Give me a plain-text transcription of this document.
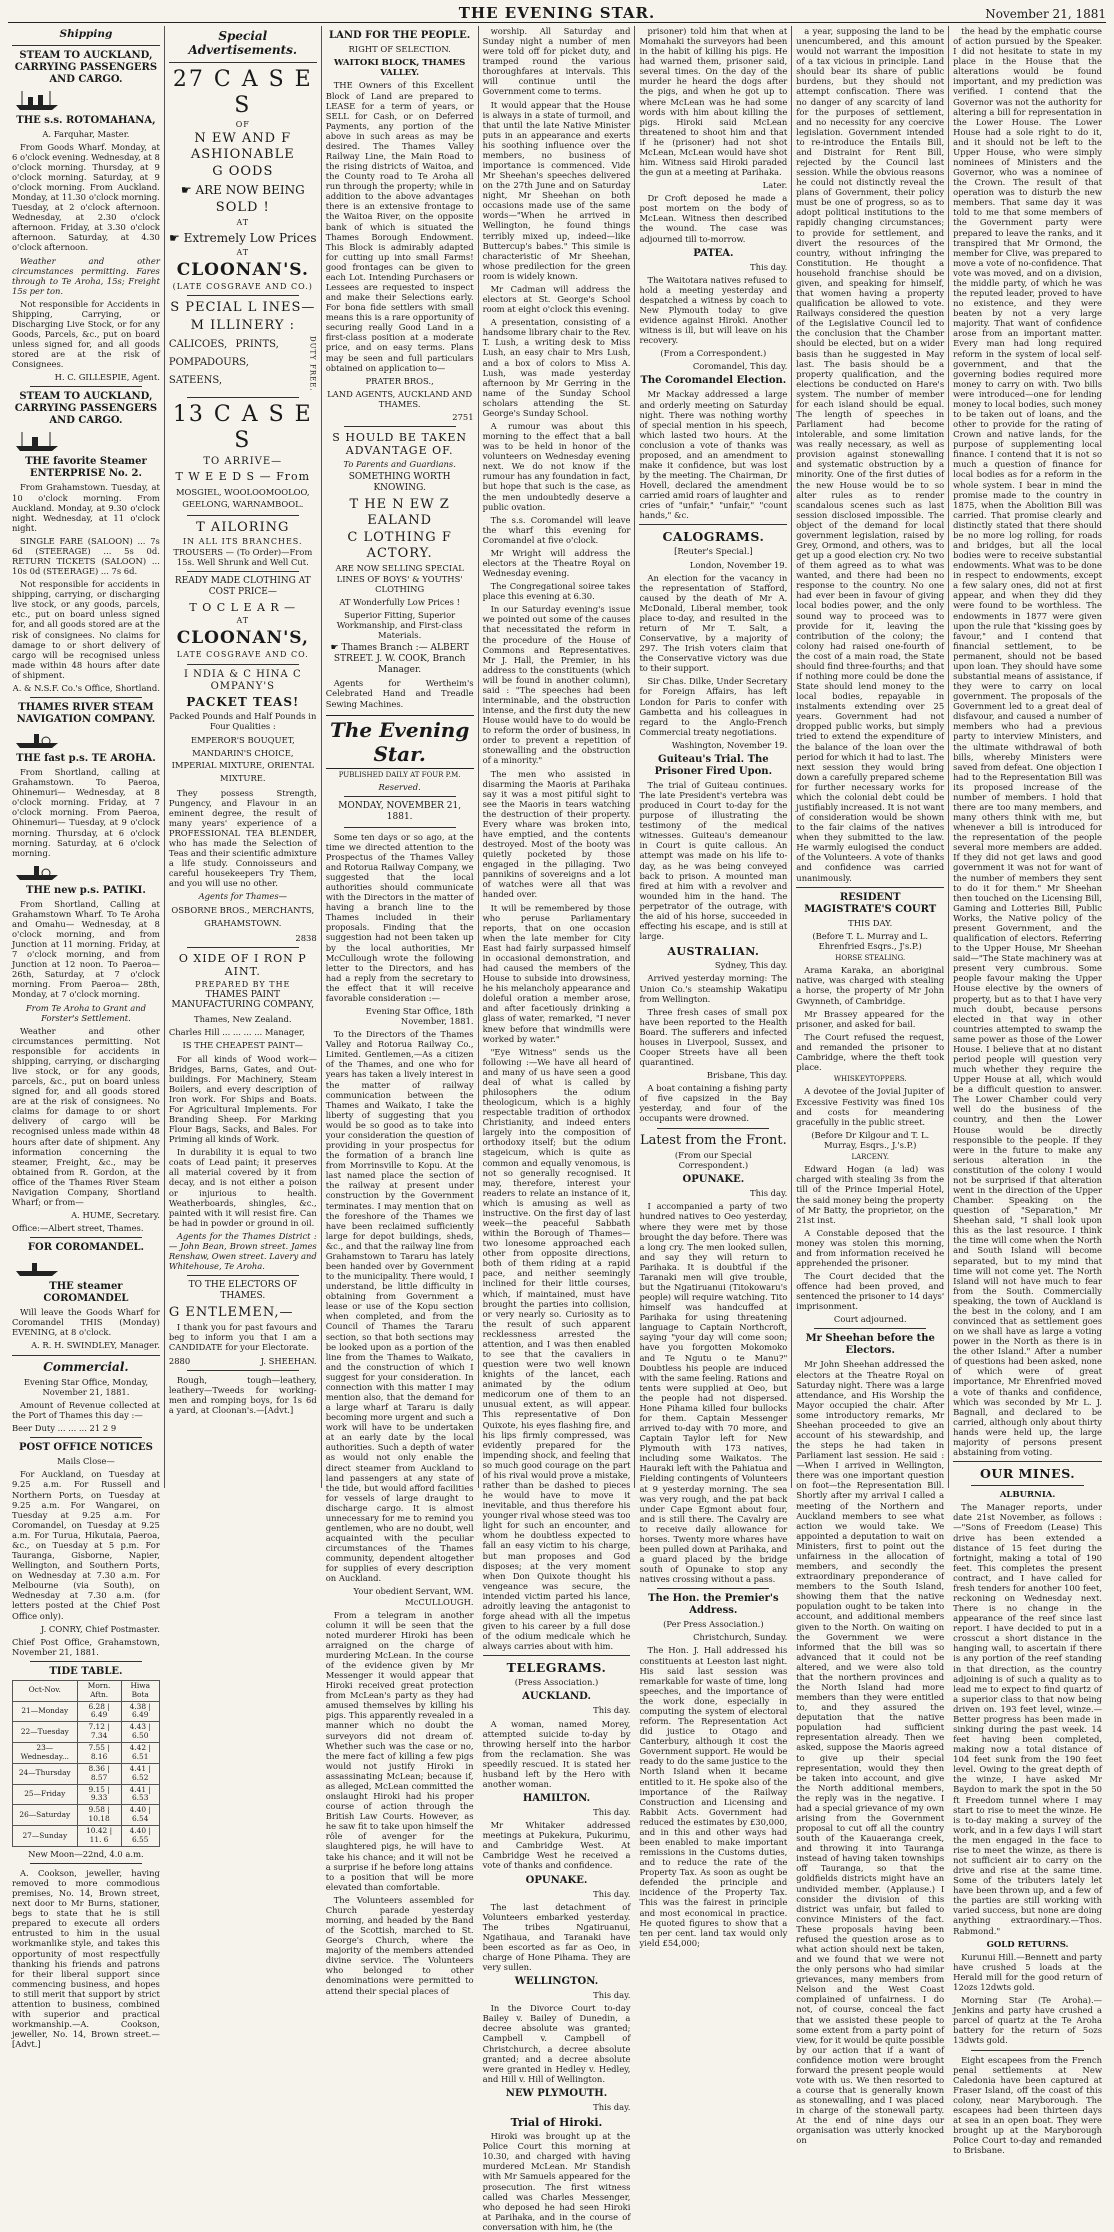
THE EVENING STAR.	November 21, 1881
Shipping
STEAM TO AUCKLAND, CARRYING PASSENGERS AND CARGO.
THE s.s. ROTOMAHANA,

A. Farquhar, Master.

From Goods Wharf. Monday, at 6 o'clock evening. Wednesday, at 8 o'clock morning. Thursday, at 9 o'clock morning. Saturday, at 9 o'clock morning. From Auckland. Monday, at 11.30 o'clock morning. Tuesday, at 2 o'clock afternoon. Wednesday, at 2.30 o'clock afternoon. Friday, at 3.30 o'clock afternoon. Saturday, at 4.30 o'clock afternoon.

Weather and other circumstances permitting. Fares through to Te Aroha, 15s; Freight 15s per ton.

Not responsible for Accidents in Shipping, Carrying, or Discharging Live Stock, or for any Goods, Parcels, &c., put on board unless signed for, and all goods stored are at the risk of Consignees.

H. C. GILLESPIE, Agent.

STEAM TO AUCKLAND, CARRYING PASSENGERS AND CARGO.
THE favorite Steamer ENTERPRISE No. 2.

From Grahamstown. Tuesday, at 10 o'clock morning. From Auckland. Monday, at 9.30 o'clock night. Wednesday, at 11 o'clock night.

SINGLE FARE (SALOON) ... 7s 6d (STEERAGE) ... 5s 0d. RETURN TICKETS (SALOON) ... 10s 0d (STEERAGE) ... 7s 6d.

Not responsible for accidents in shipping, carrying, or discharging live stock, or any goods, parcels, etc., put on board unless signed for, and all goods stored are at the risk of consignees. No claims for damage to or short delivery of cargo will be recognised unless made within 48 hours after date of shipment.

A. & N.S.F. Co.'s Office, Shortland.

THAMES RIVER STEAM NAVIGATION COMPANY.
THE fast p.s. TE AROHA.

From Shortland, calling at Grahamstown. To Paeroa, Ohinemuri— Wednesday, at 8 o'clock morning. Friday, at 7 o'clock morning. From Paeroa, Ohinemuri— Tuesday, at 9 o'clock morning. Thursday, at 6 o'clock morning. Saturday, at 6 o'clock morning.

THE new p.s. PATIKI.

From Shortland, Calling at Grahamstown Wharf. To Te Aroha and Omahu— Wednesday, at 8 o'clock morning, and from Junction at 11 morning. Friday, at 7 o'clock morning, and from Junction at 12 noon. To Paeroa— 26th, Saturday, at 7 o'clock morning. From Paeroa— 28th, Monday, at 7 o'clock morning.

From Te Aroha to Grant and Forster's Settlement.

Weather and other circumstances permitting. Not responsible for accidents in shipping, carrying, or discharging live stock, or for any goods, parcels, &c., put on board unless signed for, and all goods stored are at the risk of consignees. No claims for damage to or short delivery of cargo will be recognised unless made within 48 hours after date of shipment. Any information concerning the steamer, Freight, &c., may be obtained from R. Gordon, at the office of the Thames River Steam Navigation Company, Shortland Wharf; or from—

A. HUME, Secretary.

Office:—Albert street, Thames.

FOR COROMANDEL.
THE steamer COROMANDEL

Will leave the Goods Wharf for Coromandel THIS (Monday) EVENING, at 8 o'clock.

A. R. H. SWINDLEY, Manager.

Commercial.

Evening Star Office, Monday, November 21, 1881.

Amount of Revenue collected at the Port of Thames this day :—

Beer Duty ... ... ... 21 2 9

POST OFFICE NOTICES

Mails Close—

For Auckland, on Tuesday at 9.25 a.m. For Russell and Northern Ports, on Tuesday at 9.25 a.m. For Wangarei, on Tuesday at 9.25 a.m. For Coromandel, on Tuesday at 9.25 a.m. For Turua, Hikutaia, Paeroa, &c., on Tuesday at 5 p.m. For Tauranga, Gisborne, Napier, Wellington, and Southern Ports, on Wednesday at 7.30 a.m. For Melbourne (via South), on Wednesday at 7.30 a.m. (for letters posted at the Chief Post Office only).

J. CONRY, Chief Postmaster.

Chief Post Office, Grahamstown, November 21, 1881.

TIDE TABLE.
Oct-Nov.	Morn. Aftn.	Hiwa Bota
21—Monday	6.28 | 6.49	4.38 | 6.49
22—Tuesday	7.12 | 7.34	4.43 | 6.50
23—Wednesday...	7.55 | 8.16	4.42 | 6.51
24—Thursday	8.36 | 8.57	4.41 | 6.52
25—Friday	9.15 | 9.33	4.41 | 6.53
26—Saturday	9.58 | 10.18	4.40 | 6.54
27—Sunday	10.42 | 11. 6	4.40 | 6.55

New Moon—22nd, 4.0 a.m.

A. Cookson, jeweller, having removed to more commodious premises, No. 14, Brown street, next door to Mr Burns, stationer, begs to state that he is still prepared to execute all orders entrusted to him in the usual workmanlike style, and takes this opportunity of most respectfully thanking his friends and patrons for their liberal support since commencing business, and hopes to still merit that support by strict attention to business, combined with superior and practical workmanship.—A. Cookson, jeweller, No. 14, Brown street.—[Advt.]

Special Advertisements.
27 C A S E S
OF
N EW AND F ASHIONABLE
G OODS
☛ ARE NOW BEING
SOLD !
AT
☛ Extremely Low Prices
AT
CLOONAN'S.
(LATE COSGRAVE AND CO.)
S PECIAL L INES—
M ILLINERY :

CALICOES, PRINTS, POMPADOURS, SATEENS,	DUTY FREE.
13 C A S E S
TO ARRIVE—
T W E E D S — From

MOSGIEL, WOOLOOMOOLOO, GEELONG, WARNAMBOOL.

T AILORING
IN ALL ITS BRANCHES.

TROUSERS — (To Order)—From 15s. Well Shrunk and Well Cut.

READY MADE CLOTHING AT COST PRICE—

T O C L E A R —
AT
CLOONAN'S,
LATE COSGRAVE AND CO.
I NDIA & C HINA C OMPANY'S
PACKET TEAS!

Packed Pounds and Half Pounds in Four Qualities :

EMPEROR'S BOUQUET, MANDARIN'S CHOICE, IMPERIAL MIXTURE, ORIENTAL MIXTURE.

They possess Strength, Pungency, and Flavour in an eminent degree, the result of many years' experience of a PROFESSIONAL TEA BLENDER, who has made the Selection of Teas and their scientific admixture a life study. Connoisseurs and careful housekeepers Try Them, and you will use no other.

Agents for Thames—

OSBORNE BROS., MERCHANTS, GRAHAMSTOWN.

2838

O XIDE OF I RON P AINT.
PREPARED BY THE

THAMES PAINT MANUFACTURING COMPANY,

Thames, New Zealand.

Charles Hill ... ... ... ... Manager,

IS THE CHEAPEST PAINT—

For all kinds of Wood work—Bridges, Barns, Gates, and Out-buildings. For Machinery, Steam Boilers, and every description of Iron work. For Ships and Boats. For Agricultural Implements. For Branding Sheep. For Marking Flour Bags, Sacks, and Bales. For Priming all kinds of Work.

In durability it is equal to two coats of Lead paint; it preserves all material covered by it from decay, and is not either a poison or injurious to health. Weatherboards, shingles, &c., painted with it will resist fire. Can be had in powder or ground in oil.

Agents for the Thames District :— John Bean, Brown street. James Renshaw, Owen street. Lavery and Whitehouse, Te Aroha.

TO THE ELECTORS OF THAMES.

G ENTLEMEN,—

I thank you for past favours and beg to inform you that I am a CANDIDATE for your Electorate.

2880	J. SHEEHAN.

Rough, tough—leathery, leathery—Tweeds for working-men and romping boys, for 1s 6d a yard, at Cloonan's.—[Advt.]

LAND FOR THE PEOPLE.

RIGHT OF SELECTION.

WAITOKI BLOCK, THAMES VALLEY.

THE Owners of this Excellent Block of Land are prepared to LEASE for a term of years, or SELL for Cash, or on Deferred Payments, any portion of the above in such areas as may be desired. The Thames Valley Railway Line, the Main Road to the rising districts of Waitoa, and the County road to Te Aroha all run through the property; while in addition to the above advantages there is an extensive frontage to the Waitoa River, on the opposite bank of which is situated the Thames Borough Endowment. This Block is admirably adapted for cutting up into small Farms! good frontages can be given to each Lot. Intending Purchasers or Lessees are requested to inspect and make their Selections early. For bona fide settlers with small means this is a rare opportunity of securing really Good Land in a first-class position at a moderate price, and on easy terms. Plans may be seen and full particulars obtained on application to—

PRATER BROS.,

LAND AGENTS, AUCKLAND AND THAMES.

2751

S HOULD BE TAKEN ADVANTAGE OF.

To Parents and Guardians.

SOMETHING WORTH KNOWING.

T HE N EW Z EALAND
C LOTHING F ACTORY.

ARE NOW SELLING SPECIAL LINES OF BOYS' & YOUTHS' CLOTHING

AT Wonderfully Low Prices !

Superior Fitting, Superior Workmanship, and First-class Materials.

☛ Thames Branch :— ALBERT STREET. J. W. COOK, Branch Manager.

Agents for Wertheim's Celebrated Hand and Treadle Sewing Machines.

The Evening Star.

PUBLISHED DAILY AT FOUR P.M.

Reserved.

MONDAY, NOVEMBER 21, 1881.

Some ten days or so ago, at the time we directed attention to the Prospectus of the Thames Valley and Rotorua Railway Company, we suggested that the local authorities should communicate with the Directors in the matter of having a branch line to the Thames included in their proposals. Finding that the suggestion had not been taken up by the local authorities, Mr McCullough wrote the following letter to the Directors, and has had a reply from the secretary to the effect that it will receive favorable consideration :—

Evening Star Office, 18th November, 1881.

To the Directors of the Thames Valley and Rotorua Railway Co., Limited. Gentlemen,—As a citizen of the Thames, and one who for years has taken a lively interest in the matter of railway communication between the Thames and Waikato, I take the liberty of suggesting that you would be so good as to take into your consideration the question of providing in your prospectus for the formation of a branch line from Morrinsville to Kopu. At the last named place the section of the railway at present under construction by the Government terminates. I may mention that on the foreshore of the Thames we have been reclaimed sufficiently large for depot buildings, sheds, &c., and that the railway line from Grahamstown to Tararu has lately been handed over by Government to the municipality. There would, I understand, be little difficulty in obtaining from Government a lease or use of the Kopu section when completed, and from the Council of Thames the Tararu section, so that both sections may be looked upon as a portion of the line from the Thames to Waikato, and the construction of which I suggest for your consideration. In connection with this matter I may mention also, that the demand for a large wharf at Tararu is daily becoming more urgent and such a work will have to be undertaken at an early date by the local authorities. Such a depth of water as would not only enable the direct steamer from Auckland to land passengers at any state of the tide, but would afford facilities for vessels of large draught to discharge cargo. It is almost unnecessary for me to remind you gentlemen, who are no doubt, well acquainted with the peculiar circumstances of the Thames community, dependent altogether for supplies of every description on Auckland.

Your obedient Servant, WM. McCULLOUGH.

From a telegram in another column it will be seen that the noted murderer Hiroki has been arraigned on the charge of murdering McLean. In the course of the evidence given by Mr Messenger it would appear that Hiroki received great protection from McLean's party as they had amused themselves by killing his pigs. This apparently revealed in a manner which no doubt the surveyors did not dream of. Whether such was the case or no, the mere fact of killing a few pigs would not justify Hiroki in assassinating McLean; because if, as alleged, McLean committed the onslaught Hiroki had his proper course of action through the British Law Courts. However, as he saw fit to take upon himself the rôle of avenger for the slaughtered pigs, he will have to take his chance; and it will not be a surprise if he before long attains to a position that will be more elevated than comfortable.

The Volunteers assembled for Church parade yesterday morning, and headed by the Band of the Scottish, marched to St. George's Church, where the majority of the members attended divine service. The Volunteers who belonged to other denominations were permitted to attend their special places of

worship. All Saturday and Sunday night a number of men were told off for picket duty, and tramped round the various thoroughfares at intervals. This will continue until the Government come to terms.

It would appear that the House is always in a state of turmoil, and that until the late Native Minister puts in an appearance and exerts his soothing influence over the members, no business of importance is commenced. Vide Mr Sheehan's speeches delivered on the 27th June and on Saturday night, Mr Sheehan on both occasions made use of the same words—"When he arrived in Wellington, he found things terribly mixed up, indeed—like Buttercup's babes." This simile is characteristic of Mr Sheehan, whose predilection for the green room is widely known.

Mr Cadman will address the electors at St. George's School room at eight o'clock this evening.

A presentation, consisting of a handsome library chair to the Rev. T. Lush, a writing desk to Miss Lush, an easy chair to Mrs Lush, and a box of colors to Miss A. Lush, was made yesterday afternoon by Mr Gerring in the name of the Sunday School scholars attending the St. George's Sunday School.

A rumour was about this morning to the effect that a ball was to be held in honor of the volunteers on Wednesday evening next. We do not know if the rumour has any foundation in fact, but hope that such is the case, as the men undoubtedly deserve a public ovation.

The s.s. Coromandel will leave the wharf this evening for Coromandel at five o'clock.

Mr Wright will address the electors at the Theatre Royal on Wednesday evening.

The Congregational soiree takes place this evening at 6.30.

In our Saturday evening's issue we pointed out some of the causes that necessitated the reform in the procedure of the House of Commons and Representatives. Mr J. Hall, the Premier, in his address to the constituents (which will be found in another column), said : "The speeches had been interminable, and the obstruction intense, and the first duty the new House would have to do would be to reform the order of business, in order to prevent a repetition of stonewalling and the obstruction of a minority."

The men who assisted in disarming the Maoris at Parihaka say it was a most pitiful sight to see the Maoris in tears watching the destruction of their property. Every whare was broken into, have emptied, and the contents destroyed. Most of the booty was quietly pocketed by those engaged in the pillaging. Two pannikins of sovereigns and a lot of watches were all that was handed over.

It will be remembered by those who peruse Parliamentary reports, that on one occasion when the late member for City East had fairly surpassed himself in occasional demonstration, and had caused the members of the House to subside into drowsiness, he his melancholy appearance and doleful oration a member arose, and after facetiously drinking a glass of water, remarked, "I never knew before that windmills were worked by water."

"Eye Witness" sends us the following :—We have all heard of and many of us have seen a good deal of what is called by philosophers the odium theologicum, which is a highly respectable tradition of orthodox Christianity, and indeed enters largely into the composition of orthodoxy itself; but the odium stageicum, which is quite as common and equally venomous, is not so generally recognised. It may, therefore, interest your readers to relate an instance of it, which is amusing as well as instructive. On the first day of last week—the peaceful Sabbath within the Borough of Thames—two lonesome approached each other from opposite directions, both of them riding at a rapid pace, and neither seemingly inclined for their little courses, which, if maintained, must have brought the parties into collision, or very nearly so. Curiosity as to the result of such apparent recklessness arrested the attention, and I was then enabled to see that the cavaliers in question were two well known knights of the lancet, each animated by the odium medicorum one of them to an unusual extent, as will appear. This representative of Don Quixote, his eyes flashing fire, and his lips firmly compressed, was evidently prepared for the impending shock, and feeling that so much good courage on the part of his rival would prove a mistake, rather than be dashed to pieces he would have to move it inevitable, and thus therefore his younger rival whose steed was too light for such an encounter, and whom he doubtless expected to fall an easy victim to his charge, but man proposes and God disposes; at the very moment when Don Quixote thought his vengeance was secure, the intended victim parted his lance, adroitly leaving the antagonist to forge ahead with all the impetus given to his career by a full dose of the odium medicale which he always carries about with him.

TELEGRAMS.

(Press Association.)

AUCKLAND.

This day.

A woman, named Morey, attempted suicide to-day by throwing herself into the harbor from the reclamation. She was speedily rescued. It is stated her husband left by the Hero with another woman.

HAMILTON.

This day.

Mr Whitaker addressed meetings at Pukekura, Pukurimu, and Cambridge West. At Cambridge West he received a vote of thanks and confidence.

OPUNAKE.

This day.

The last detachment of Volunteers embarked yesterday. The tribes Ngatiruanui, Ngatihaua, and Taranaki have been escorted as far as Oeo, in charge of Hone Pihama. They are very sullen.

WELLINGTON.

This day.

In the Divorce Court to-day Bailey v. Bailey of Dunedin, a decree absolute was granted; Campbell v. Campbell of Christchurch, a decree absolute granted; and a decree absolute were granted in Hedley v. Hedley, and Hill v. Hill of Wellington.

NEW PLYMOUTH.

This day.

Trial of Hiroki.

Hiroki was brought up at the Police Court this morning at 10.30, and charged with having murdered McLean. Mr Standish with Mr Samuels appeared for the prosecution. The first witness called was Charles Messenger, who deposed he had seen Hiroki at Parihaka, and in the course of conversation with him, he (the

prisoner) told him that when at Momahaki the surveyors had been in the habit of killing his pigs. He had warned them, prisoner said, several times. On the day of the murder he heard the dogs after the pigs, and when he got up to where McLean was he had some words with him about killing the pigs. Hiroki said McLean threatened to shoot him and that if he (prisoner) had not shot McLean, McLean would have shot him. Witness said Hiroki paraded the gun at a meeting at Parihaka.

Later.

Dr Croft deposed he made a post mortem on the body of McLean. Witness then described the wound. The case was adjourned till to-morrow.

PATEA.

This day.

The Waitotara natives refused to hold a meeting yesterday and despatched a witness by coach to New Plymouth today to give evidence against Hiroki. Another witness is ill, but will leave on his recovery.

(From a Correspondent.)

Coromandel, This day.

The Coromandel Election.

Mr Mackay addressed a large and orderly meeting on Saturday night. There was nothing worthy of special mention in his speech, which lasted two hours. At the conclusion a vote of thanks was proposed, and an amendment to make it confidence, but was lost by the meeting. The Chairman, Dr Hovell, declared the amendment carried amid roars of laughter and cries of "unfair," "unfair," "count hands," &c.

CALOGRAMS.

[Reuter's Special.]

London, November 19.

An election for the vacancy in the representation of Stafford, caused by the death of Mr A. McDonald, Liberal member, took place to-day, and resulted in the return of Mr T. Salt, a Conservative, by a majority of 297. The Irish voters claim that the Conservative victory was due to their support.

Sir Chas. Dilke, Under Secretary for Foreign Affairs, has left London for Paris to confer with Gambetta and his colleagues in regard to the Anglo-French Commercial treaty negotiations.

Washington, November 19.

Guiteau's Trial. The Prisoner Fired Upon.

The trial of Guiteau continues. The late President's vertebra was produced in Court to-day for the purpose of illustrating the testimony of the medical witnesses. Guiteau's demeanour in Court is quite callous. An attempt was made on his life to-day, as he was being conveyed back to prison. A mounted man fired at him with a revolver and wounded him in the hand. The perpetrator of the outrage, with the aid of his horse, succeeded in effecting his escape, and is still at large.

AUSTRALIAN.

Sydney, This day.

Arrived yesterday morning: The Union Co.'s steamship Wakatipu from Wellington.

Three fresh cases of small pox have been reported to the Health Board. The sufferers and infected houses in Liverpool, Sussex, and Cooper Streets have all been quarantined.

Brisbane, This day.

A boat containing a fishing party of five capsized in the Bay yesterday, and four of the occupants were drowned.

Latest from the Front.

(From our Special Correspondent.)

OPUNAKE.

This day.

I accompanied a party of two hundred natives to Oeo yesterday, where they were met by those brought the day before. There was a long cry. The men looked sullen, and say they will return to Parihaka. It is doubtful if the Taranaki men will give trouble, but the Ngatiruanui (Titokowaru's people) will require watching. Tito himself was handcuffed at Parihaka for using threatening language to Captain Northcroft, saying "your day will come soon; have you forgotten Mokomoko and Te Ngutu o te Manu?" Doubtless his people are induced with the same feeling. Rations and tents were supplied at Oeo, but the people had not dispersed. Hone Pihama killed four bullocks for them. Captain Messenger arrived to-day with 70 more, and Captain Taylor left for New Plymouth with 173 natives, including some Waikatos. The Hauraki left with the Pahiatua and Fielding contingents of Volunteers at 9 yesterday morning. The sea was very rough, and the pat back under Cape Egmont about four, and is still there. The Cavalry are to receive daily allowance for horses. Twenty more whares have been pulled down at Parihaka, and a guard placed by the bridge south of Opunake to stop any natives crossing without a pass.

The Hon. the Premier's Address.

(Per Press Association.)

Christchurch, Sunday.

The Hon. J. Hall addressed his constituents at Leeston last night. His said last session was remarkable for waste of time, long speeches, and the importance of the work done, especially in computing the system of electoral reform. The Representation Act did justice to Otago and Canterbury, although it cost the Government support. He would be ready to do the same justice to the North Island when it became entitled to it. He spoke also of the importance of the Railway Construction and Licensing and Rabbit Acts. Government had reduced the estimates by £30,000, and in this and other ways had been enabled to make important remissions in the Customs duties, and to reduce the rate of the Property Tax. As soon as ought be defended the principle and incidence of the Property Tax. This was the fairest in principle and most economical in practice. He quoted figures to show that a ten per cent. land tax would only yield £54,000;

a year, supposing the land to be unencumbered, and this amount would not warrant the imposition of a tax vicious in principle. Land should bear its share of public burdens, but they should not attempt confiscation. There was no danger of any scarcity of land for the purposes of settlement, and no necessity for any coercive legislation. Government intended to re-introduce the Entails Bill, and Distraint for Rent Bill, rejected by the Council last session. While the obvious reasons he could not distinctly reveal the plans of Government, their policy must be one of progress, so as to adopt political institutions to the rapidly changing circumstances; to provide for settlement, and divert the resources of the country, without infringing the Constitution. He thought a household franchise should be given, and speaking for himself, that women having a property qualification be allowed to vote. Railways considered the question of the Legislative Council led to the conclusion that the Chamber should be elected, but on a wider basis than he suggested in May last. The basis should be a property qualification, and the elections be conducted on Hare's system. The number of member for each island should be equal. The length of speeches in Parliament had become intolerable, and some limitation was really necessary, as well as provision against stonewalling and systematic obstruction by a minority. One of the first duties of the new House would be to so alter rules as to render scandalous scenes such as last session disclosed impossible. The object of the demand for local government legislation, raised by Grey, Ormond, and others, was to get up a good election cry. No two of them agreed as to what was wanted, and there had been no response to the country. No one had ever been in favour of giving local bodies power, and the only sound way to proceed was to provide for it, leaving the contribution of the colony; the colony had raised one-fourth of the cost of a main road, the State should find three-fourths; and that if nothing more could be done the State should lend money to the local bodies, repayable in instalments extending over 25 years. Government had not dropped public works, but simply tried to extend the expenditure of the balance of the loan over the period for which it had to last. The next session they would bring down a carefully prepared scheme for further necessary works for which the colonial debt could be justifiably increased. It is not want of consideration would be shown to the fair claims of the natives when they submitted to the law. He warmly eulogised the conduct of the Volunteers. A vote of thanks and confidence was carried unanimously.

RESIDENT MAGISTRATE'S COURT

THIS DAY.

(Before T. L. Murray and L. Ehrenfried Esqrs., J's.P.)

HORSE STEALING.

Arama Karaka, an aboriginal native, was charged with stealing a horse, the property of Mr John Gwynneth, of Cambridge.

Mr Brassey appeared for the prisoner, and asked for bail.

The Court refused the request, and remanded the prisoner to Cambridge, where the theft took place.

WHISKEYTOPPERS.

A devotee of the Jovial Jupiter of Excessive Festivity was fined 10s and costs for meandering gracefully in the public street.

(Before Dr Kilgour and T. L. Murray, Esqrs., J.'s.P.)

LARCENY.

Edward Hogan (a lad) was charged with stealing 3s from the till of the Prince Imperial Hotel, the said money being the property of Mr Batty, the proprietor, on the 21st inst.

A Constable deposed that the money was stolen this morning, and from information received he apprehended the prisoner.

The Court decided that the offence had been proved, and sentenced the prisoner to 14 days' imprisonment.

Court adjourned.

Mr Sheehan before the Electors.

Mr John Sheehan addressed the electors at the Theatre Royal on Saturday night. There was a large attendance, and His Worship the Mayor occupied the chair. After some introductory remarks, Mr Sheehan proceeded to give an account of his stewardship, and the steps he had taken in Parliament last session. He said :—When I arrived in Wellington, there was one important question on foot—the Representation Bill. Shortly after my arrival I called a meeting of the Northern and Auckland members to see what action we would take. We appointed a deputation to wait on Ministers, first to point out the unfairness in the allocation of members, and secondly the extraordinary preponderance of members to the South Island, showing them that the native population ought to be taken into account, and additional members given to the North. On waiting on the Government we were informed that the bill was so advanced that it could not be altered, and we were also told that the northern provinces and the North Island had more members than they were entitled to, and they assured the deputation that the native population had sufficient representation already. Then we asked, suppose the Maoris agreed to give up their special representation, would they then be taken into account, and give the North additional members, the reply was in the negative. I had a special grievance of my own arising from the Government proposal to cut off all the country south of the Kauaeranga creek, and throwing it into Tauranga instead of having taken townships off Tauranga, so that the goldfields districts might have an undivided member. (Applause.) I consider the division of this district was unfair, but failed to convince Ministers of the fact. These proposals having been refused the question arose as to what action should next be taken, and we found that we were not the only persons who had similar grievances, many members from Nelson and the West Coast complained of unfairness. I do not, of course, conceal the fact that we assisted these people to some extent from a party point of view, for it would be quite possible by our action that if a want of confidence motion were brought forward the present people would vote with us. We then resorted to a course that is generally known as stonewalling, and I was placed in charge of the stonewall party. At the end of nine days our organisation was utterly knocked on

the head by the emphatic course of action pursued by the Speaker. I did not hesitate to state in my place in the House that the alterations would be found important, and my prediction was verified. I contend that the Governor was not the authority for altering a bill for representation in the Lower House. The Lower House had a sole right to do it, and it should not be left to the Upper House, who were simply nominees of Ministers and the Governor, who was a nominee of the Crown. The result of that operation was to disturb the new members. That same day it was told to me that some members of the Government party were prepared to leave the ranks, and it transpired that Mr Ormond, the member for Clive, was prepared to move a vote of no-confidence. That vote was moved, and on a division, the middle party, of which he was the reputed leader, proved to have no existence, and they were beaten by not a very large majority. That want of confidence arose from an important matter. Every man had long required reform in the system of local self-government, and that the governing bodies required more money to carry on with. Two bills were introduced—one for lending money to local bodies, such money to be taken out of loans, and the other to provide for the rating of Crown and native lands, for the purpose of supplementing local finance. I contend that it is not so much a question of finance for local bodies as for a reform in the whole system. I bear in mind the promise made to the country in 1875, when the Abolition Bill was carried. That promise clearly and distinctly stated that there should be no more log rolling, for roads and bridges, but all the local bodies were to receive substantial endowments. What was to be done in respect to endowments, except a few salary ones, did not at first appear, and when they did they were found to be worthless. The endowments in 1877 were given upon the rule that "kissing goes by favour," and I contend that financial settlement, to be permanent, should not be based upon loan. They should have some substantial means of assistance, if they were to carry on local government. The proposals of the Government led to a great deal of disfavour, and caused a number of members who had a previous party to interview Ministers, and the ultimate withdrawal of both bills, whereby Ministers were saved from defeat. One objection I had to the Representation Bill was its proposed increase of the number of members. I hold that there are too many members, and many others think with me, but whenever a bill is introduced for the representation of the people several more members are added. If they did not get laws and good government it was not for want of the number of members they sent to do it for them." Mr Sheehan then touched on the Licensing Bill, Gaming and Lotteries Bill, Public Works, the Native policy of the present Government, and the qualification of electors. Referring to the Upper House, Mr Sheehan said—"The State machinery was at present very cumbrous. Some people favour making the Upper House elective by the owners of property, but as to that I have very much doubt, because persons elected in that way in other countries attempted to swamp the same power as those of the Lower House. I believe that at no distant period people will question very much whether they require the Upper House at all, which would be a difficult question to answer. The Lower Chamber could very well do the business of the country, and then the Lower House would be directly responsible to the people. If they were in the future to make any serious alteration in the constitution of the colony I would not be surprised if that alteration went in the direction of the Upper Chamber. Speaking on the question of "Separation," Mr Sheehan said, "I shall look upon this as the last resource. I think the time will come when the North and South Island will become separated, but to my mind that time will not come yet. The North Island will not have much to fear from the South. Commercially speaking, the town of Auckland is the best in the colony, and I am convinced that as settlement goes on we shall have as large a voting power in the North as there is in the other Island." After a number of questions had been asked, none of which were of great importance, Mr Ehrenfried moved a vote of thanks and confidence, which was seconded by Mr L. J. Bagnall, and declared to be carried, although only about thirty hands were held up, the large majority of persons present abstaining from voting.

OUR MINES.
ALBURNIA.

The Manager reports, under date 21st November, as follows :—"Sons of Freedom (Lease) This drive has been extended a distance of 15 feet during the fortnight, making a total of 190 feet. This completes the present contract, and I have called for fresh tenders for another 100 feet, reckoning on Wednesday next. There is no change in the appearance of the reef since last report. I have decided to put in a crosscut a short distance in the hanging wall, to ascertain if there is any portion of the reef standing in that direction, as the country adjoining is of such a quality as to lead me to expect to find quartz of a superior class to that now being driven on. 193 feet level, winze.—Better progress has been made in sinking during the past week. 14 feet having been completed, making now a total distance of 104 feet sunk from the 190 feet level. Owing to the great depth of the winze, I have asked Mr Baydon to mark the spot in the 50 ft Freedom tunnel where I may start to rise to meet the winze. He is to-day making a survey of the work, and in a few days I will start the men engaged in the face to rise to meet the winze, as there is not sufficient air to carry on the drive and rise at the same time. Some of the tributers lately let have been thrown up, and a few of the parties are still working with varied success, but none are doing anything extraordinary.—Thos. Rabmond."

GOLD RETURNS.

Kurunui Hill.—Bennett and party have crushed 5 loads at the Herald mill for the good return of 12ozs 12dwts gold.

Morning Star (Te Aroha).—Jenkins and party have crushed a parcel of quartz at the Te Aroha battery for the return of 5ozs 13dwts gold.

Eight escapees from the French penal settlements at New Caledonia have been captured at Fraser Island, off the coast of this colony, near Maryborough. The escapees had been thirteen days at sea in an open boat. They were brought up at the Maryborough Police Court to-day and remanded to Brisbane.
